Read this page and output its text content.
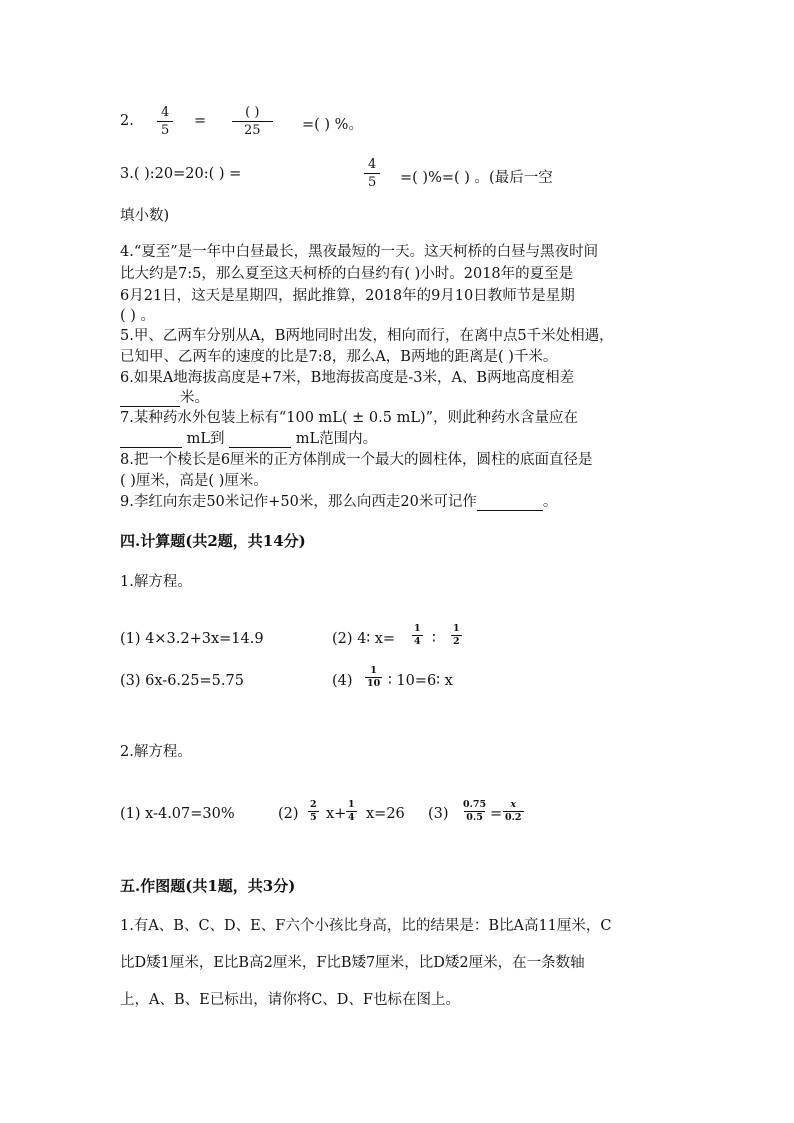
2. $\frac{4}{5}$ =
( )
25	=( ) %。
3.( ):20=20:( ) =	$\frac{4}{5}$ =( )%=( ) 。(最后一空
填小数)
4.“夏至”是一年中白昼最长，黑夜最短的一天。这天柯桥的白昼与黑夜时间
比大约是7:5，那么夏至这天柯桥的白昼约有( )小时。2018年的夏至是
6月21日，这天是星期四，据此推算，2018年的9月10日教师节是星期
( ) 。
5.甲、乙两车分别从A，B两地同时出发，相向而行，在离中点5千米处相遇，
已知甲、乙两车的速度的比是7:8，那么A，B两地的距离是( )千米。
6.如果A地海拔高度是+7米，B地海拔高度是-3米，A、B两地高度相差
米。
7.某种药水外包装上标有“100 mL( ± 0.5 mL)”，则此种药水含量应在
mL到	mL范围内。
8.把一个棱长是6厘米的正方体削成一个最大的圆柱体，圆柱的底面直径是
( )厘米，高是( )厘米。
9.李红向东走50米记作+50米，那么向西走20米可记作	。
四.计算题(共2题，共14分)
1.解方程。
(1) 4×3.2+3x=14.9	(2) 4∶ $x= \frac{1}{4}$ ∶ $\frac{1}{2}$
(3) 6x-6.25=5.75	$(4) \frac{1}{10}$ ∶ 10=6∶ x
2.解方程。
(1) x-4.07=30%	$(2) \frac{2}{5} x+ \frac{1}{4} x=26$ $(3) \frac{0.75}{0.5} = \frac{x}{0.2}$
五.作图题(共1题，共3分)
1.有A、B、C、D、E、F六个小孩比身高，比的结果是：B比A高11厘米，C
比D矮1厘米，E比B高2厘米，F比B矮7厘米，比D矮2厘米，在一条数轴
上，A、B、E已标出，请你将C、D、F也标在图上。
